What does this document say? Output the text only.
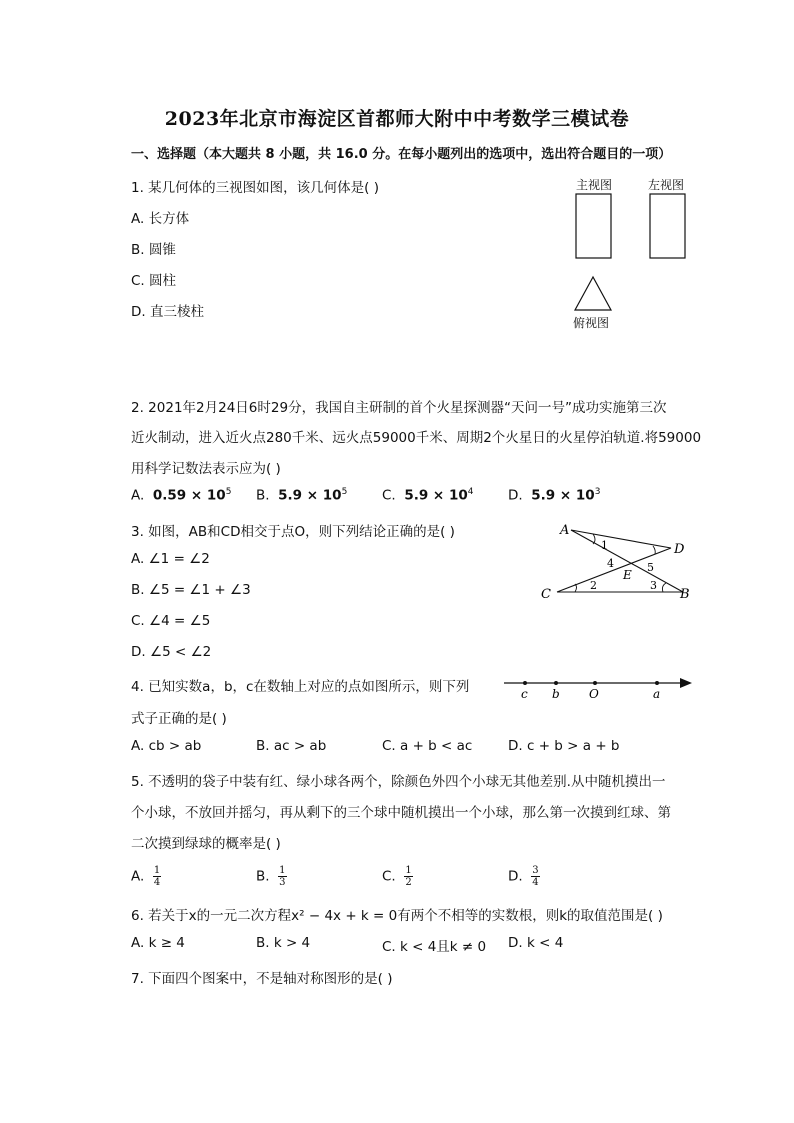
2023年北京市海淀区首都师大附中中考数学三模试卷
一、选择题（本大题共 8 小题，共 16.0 分。在每小题列出的选项中，选出符合题目的一项）
1. 某几何体的三视图如图，该几何体是( )
A. 长方体
B. 圆锥
C. 圆柱
D. 直三棱柱
主视图	左视图
俯视图
2. 2021年2月24日6时29分，我国自主研制的首个火星探测器“天问一号”成功实施第三次
近火制动，进入近火点280千米、远火点59000千米、周期2个火星日的火星停泊轨道.将59000
用科学记数法表示应为( )
A. $0.59 \times 10^5$ B. $5.9 \times 10^5$	C. $5.9 \times 10^4$	D. $5.9 \times 10^3$
3. 如图，AB和CD相交于点O，则下列结论正确的是( )
A. ∠1 = ∠2
B. ∠5 = ∠1 + ∠3
C. ∠4 = ∠5
D. ∠5 < ∠2
A
D
C	B
E
1
2	3
4	5
4. 已知实数a，b，c在数轴上对应的点如图所示，则下列
式子正确的是( )
c b O	a
A. cb > ab	B. ac > ab	C. a + b < ac	D. c + b > a + b
5. 不透明的袋子中装有红、绿小球各两个，除颜色外四个小球无其他差别.从中随机摸出一
个小球，不放回并摇匀，再从剩下的三个球中随机摸出一个小球，那么第一次摸到红球、第
二次摸到绿球的概率是( )
A. $\frac{1}{4}$	B. $\frac{1}{3}$	C. $\frac{1}{2}$	D. $\frac{3}{4}$
6. 若关于x的一元二次方程x² − 4x + k = 0有两个不相等的实数根，则k的取值范围是( )
A. k ≥ 4	B. k > 4	C. k < 4且k ≠ 0 D. k < 4
7. 下面四个图案中，不是轴对称图形的是( )
